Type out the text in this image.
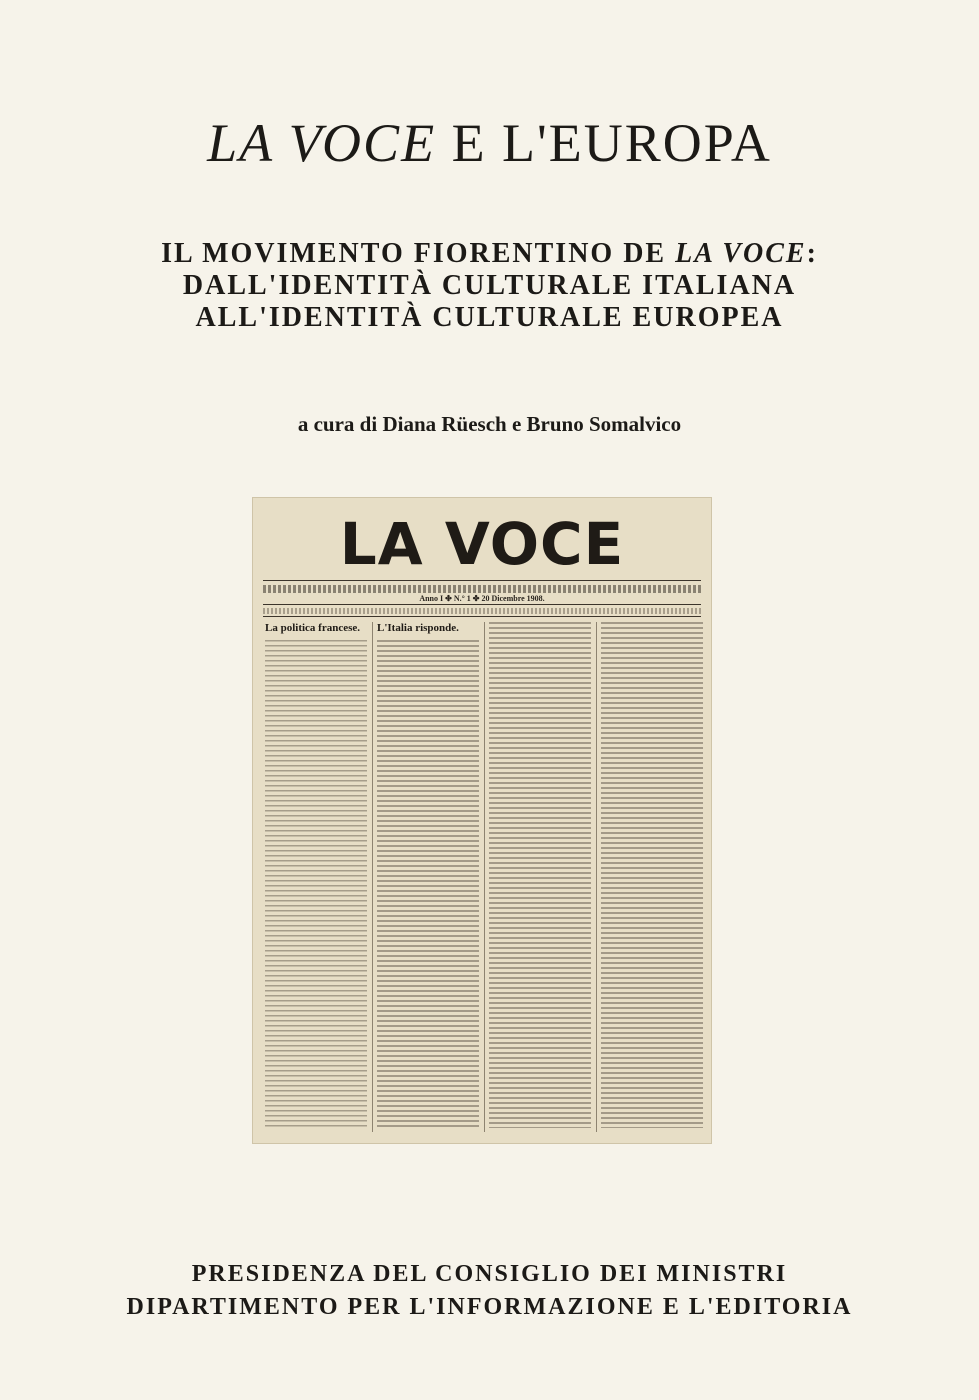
LA VOCE E L'EUROPA
IL MOVIMENTO FIORENTINO DE LA VOCE:
DALL'IDENTITÀ CULTURALE ITALIANA
ALL'IDENTITÀ CULTURALE EUROPEA
a cura di Diana Rüesch e Bruno Somalvico
LA VOCE
Anno I ✤ N.° 1 ✤ 20 Dicembre 1908.
La politica francese.	L'Italia risponde.
PRESIDENZA DEL CONSIGLIO DEI MINISTRI
DIPARTIMENTO PER L'INFORMAZIONE E L'EDITORIA
